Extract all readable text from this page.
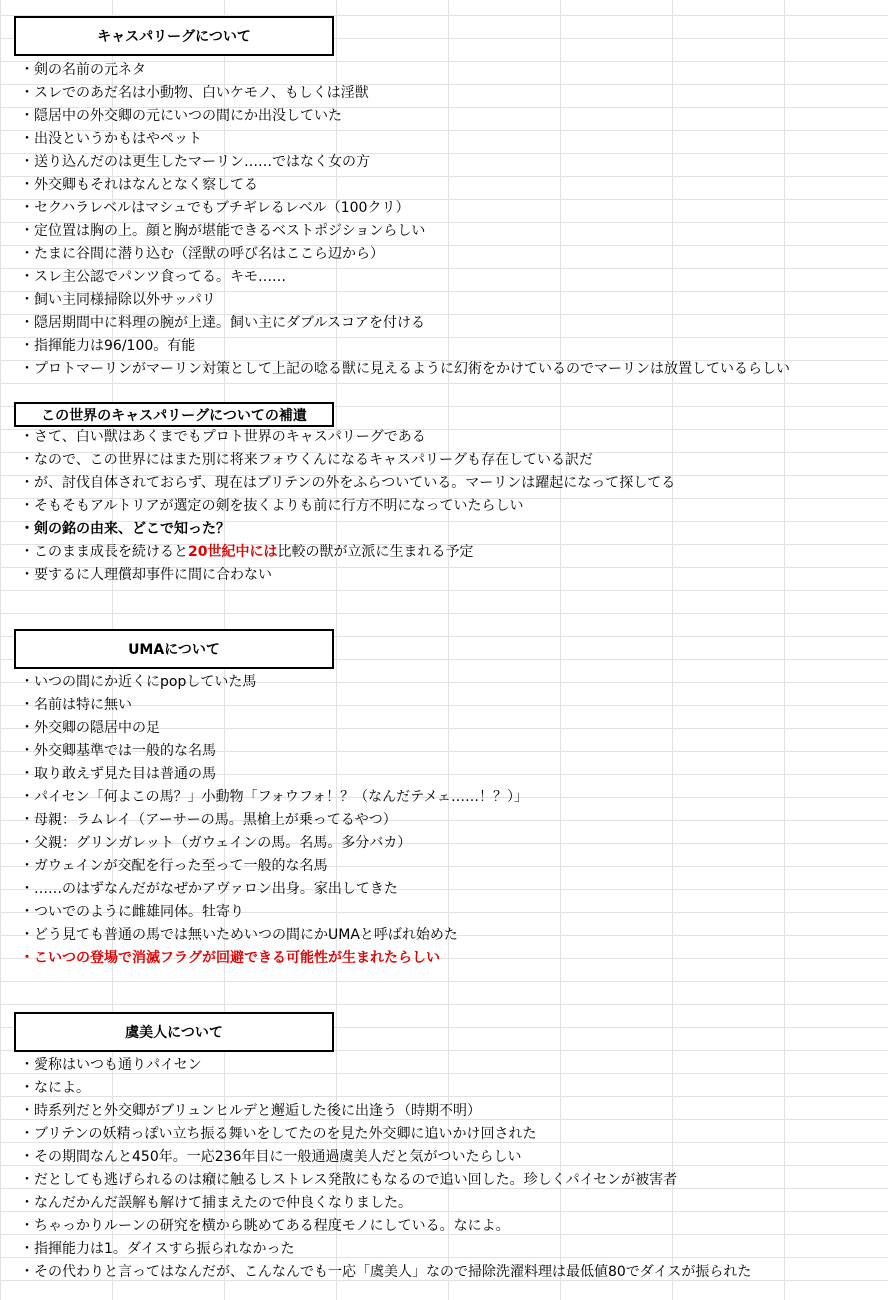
キャスパリーグについて
・剣の名前の元ネタ
・スレでのあだ名は小動物、白いケモノ、もしくは淫獣
・隠居中の外交卿の元にいつの間にか出没していた
・出没というかもはやペット
・送り込んだのは更生したマーリン……ではなく女の方
・外交卿もそれはなんとなく察してる
・セクハラレベルはマシュでもブチギレるレベル（100クリ）
・定位置は胸の上。顔と胸が堪能できるベストポジションらしい
・たまに谷間に潜り込む（淫獣の呼び名はここら辺から）
・スレ主公認でパンツ食ってる。キモ……
・飼い主同様掃除以外サッパリ
・隠居期間中に料理の腕が上達。飼い主にダブルスコアを付ける
・指揮能力は96/100。有能
・プロトマーリンがマーリン対策として上記の唸る獣に見えるように幻術をかけているのでマーリンは放置しているらしい
この世界のキャスパリーグについての補遺
・さて、白い獣はあくまでもプロト世界のキャスパリーグである
・なので、この世界にはまた別に将来フォウくんになるキャスパリーグも存在している訳だ
・が、討伐自体されておらず、現在はブリテンの外をふらついている。マーリンは躍起になって探してる
・そもそもアルトリアが選定の剣を抜くよりも前に行方不明になっていたらしい
・剣の銘の由来、どこで知った？
・このまま成長を続けると20世紀中には比較の獣が立派に生まれる予定
・要するに人理償却事件に間に合わない
UMAについて
・いつの間にか近くにpopしていた馬
・名前は特に無い
・外交卿の隠居中の足
・外交卿基準では一般的な名馬
・取り敢えず見た目は普通の馬
・パイセン「何よこの馬？」小動物「フォウフォ！？（なんだテメェ……！？）」
・母親：ラムレイ（アーサーの馬。黒槍上が乗ってるやつ）
・父親：グリンガレット（ガウェインの馬。名馬。多分バカ）
・ガウェインが交配を行った至って一般的な名馬
・……のはずなんだがなぜかアヴァロン出身。家出してきた
・ついでのように雌雄同体。牡寄り
・どう見ても普通の馬では無いためいつの間にかUMAと呼ばれ始めた
・こいつの登場で消滅フラグが回避できる可能性が生まれたらしい
虞美人について
・愛称はいつも通りパイセン
・なによ。
・時系列だと外交卿がブリュンヒルデと邂逅した後に出逢う（時期不明）
・ブリテンの妖精っぽい立ち振る舞いをしてたのを見た外交卿に追いかけ回された
・その期間なんと450年。一応236年目に一般通過虞美人だと気がついたらしい
・だとしても逃げられるのは癪に触るしストレス発散にもなるので追い回した。珍しくパイセンが被害者
・なんだかんだ誤解も解けて捕まえたので仲良くなりました。
・ちゃっかりルーンの研究を横から眺めてある程度モノにしている。なによ。
・指揮能力は1。ダイスすら振られなかった
・その代わりと言ってはなんだが、こんなんでも一応「虞美人」なので掃除洗濯料理は最低値80でダイスが振られた
